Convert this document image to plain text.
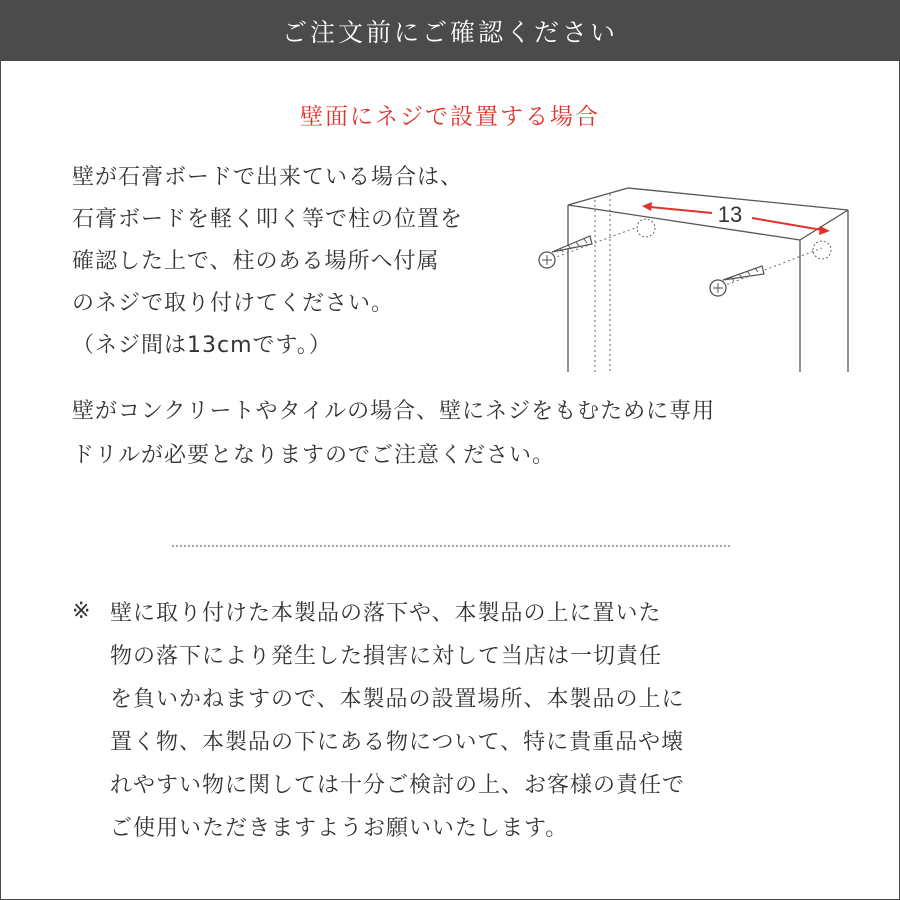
ご注文前にご確認ください
壁面にネジで設置する場合
壁が石膏ボードで出来ている場合は、
石膏ボードを軽く叩く等で柱の位置を
確認した上で、柱のある場所へ付属
のネジで取り付けてください。
（ネジ間は13cmです。）
13
壁がコンクリートやタイルの場合、壁にネジをもむために専用
ドリルが必要となりますのでご注意ください。
※ 壁に取り付けた本製品の落下や、本製品の上に置いた
物の落下により発生した損害に対して当店は一切責任
を負いかねますので、本製品の設置場所、本製品の上に
置く物、本製品の下にある物について、特に貴重品や壊
れやすい物に関しては十分ご検討の上、お客様の責任で
ご使用いただきますようお願いいたします。
